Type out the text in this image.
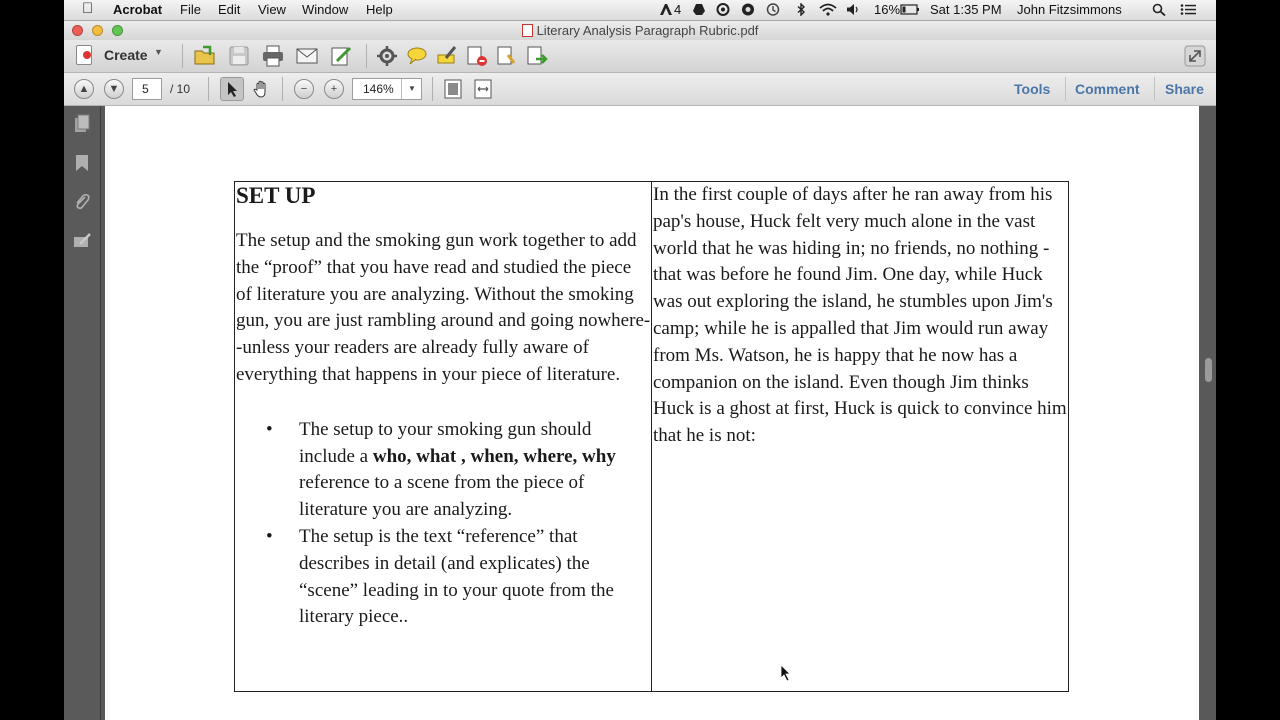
Acrobat File Edit View Window Help	4	16% Sat 1:35 PM John Fitzsimmons
Literary Analysis Paragraph Rubric.pdf
Create ▼
▲	▼	5	/ 10	−	+	146%	▼	Tools Comment Share

SET UP

The setup and the smoking gun work together to add the “proof” that you have read and studied the piece of literature you are analyzing. Without the smoking gun, you are just rambling around and going nowhere--unless your readers are already fully aware of everything that happens in your piece of literature.

• The setup to your smoking gun should include a who, what , when, where, why reference to a scene from the piece of literature you are analyzing.
• The setup is the text “reference” that describes in detail (and explicates) the “scene” leading in to your quote from the literary piece..

In the first couple of days after he ran away from his pap's house, Huck felt very much alone in the vast world that he was hiding in; no friends, no nothing - that was before he found Jim. One day, while Huck was out exploring the island, he stumbles upon Jim's camp; while he is appalled that Jim would run away from Ms. Watson, he is happy that he now has a companion on the island. Even though Jim thinks Huck is a ghost at first, Huck is quick to convince him that he is not:
